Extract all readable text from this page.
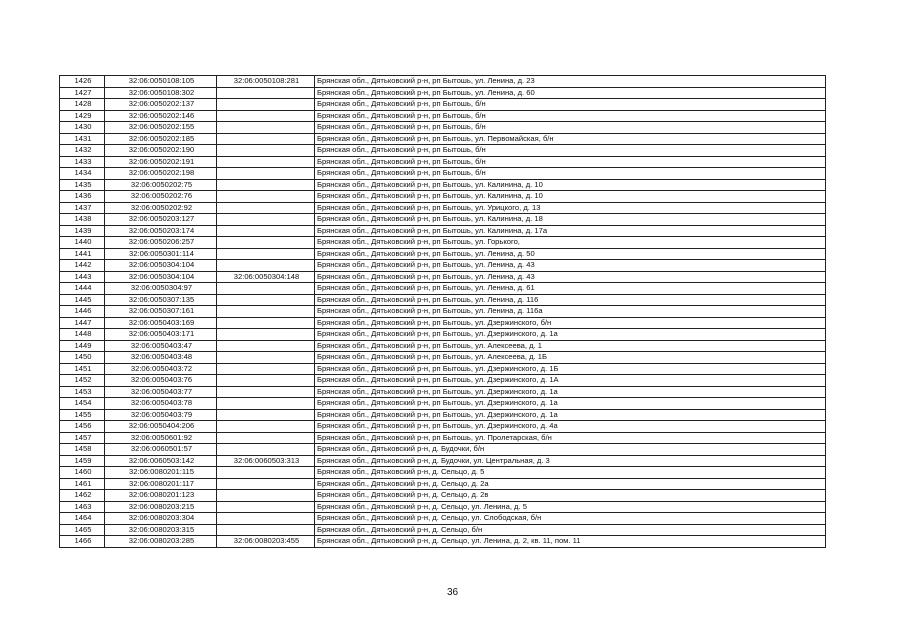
1426	32:06:0050108:105	32:06:0050108:281	Брянская обл., Дятьковский р-н, рп Бытошь, ул. Ленина, д. 23
1427	32:06:0050108:302		Брянская обл., Дятьковский р-н, рп Бытошь, ул. Ленина, д. 60
1428	32:06:0050202:137		Брянская обл., Дятьковский р-н, рп Бытошь, б/н
1429	32:06:0050202:146		Брянская обл., Дятьковский р-н, рп Бытошь, б/н
1430	32:06:0050202:155		Брянская обл., Дятьковский р-н, рп Бытошь, б/н
1431	32:06:0050202:185		Брянская обл., Дятьковский р-н, рп Бытошь, ул. Первомайская, б/н
1432	32:06:0050202:190		Брянская обл., Дятьковский р-н, рп Бытошь, б/н
1433	32:06:0050202:191		Брянская обл., Дятьковский р-н, рп Бытошь, б/н
1434	32:06:0050202:198		Брянская обл., Дятьковский р-н, рп Бытошь, б/н
1435	32:06:0050202:75		Брянская обл., Дятьковский р-н, рп Бытошь, ул. Калинина, д. 10
1436	32:06:0050202:76		Брянская обл., Дятьковский р-н, рп Бытошь, ул. Калинина, д. 10
1437	32:06:0050202:92		Брянская обл., Дятьковский р-н, рп Бытошь, ул. Урицкого, д. 13
1438	32:06:0050203:127		Брянская обл., Дятьковский р-н, рп Бытошь, ул. Калинина, д. 18
1439	32:06:0050203:174		Брянская обл., Дятьковский р-н, рп Бытошь, ул. Калинина, д. 17а
1440	32:06:0050206:257		Брянская обл., Дятьковский р-н, рп Бытошь, ул. Горького,
1441	32:06:0050301:114		Брянская обл., Дятьковский р-н, рп Бытошь, ул. Ленина, д. 50
1442	32:06:0050304:104		Брянская обл., Дятьковский р-н, рп Бытошь, ул. Ленина, д. 43
1443	32:06:0050304:104	32:06:0050304:148	Брянская обл., Дятьковский р-н, рп Бытошь, ул. Ленина, д. 43
1444	32:06:0050304:97		Брянская обл., Дятьковский р-н, рп Бытошь, ул. Ленина, д. 61
1445	32:06:0050307:135		Брянская обл., Дятьковский р-н, рп Бытошь, ул. Ленина, д. 116
1446	32:06:0050307:161		Брянская обл., Дятьковский р-н, рп Бытошь, ул. Ленина, д. 116а
1447	32:06:0050403:169		Брянская обл., Дятьковский р-н, рп Бытошь, ул. Дзержинского, б/н
1448	32:06:0050403:171		Брянская обл., Дятьковский р-н, рп Бытошь, ул. Дзержинского, д. 1а
1449	32:06:0050403:47		Брянская обл., Дятьковский р-н, рп Бытошь, ул. Алексеева, д. 1
1450	32:06:0050403:48		Брянская обл., Дятьковский р-н, рп Бытошь, ул. Алексеева, д. 1Б
1451	32:06:0050403:72		Брянская обл., Дятьковский р-н, рп Бытошь, ул. Дзержинского, д. 1Б
1452	32:06:0050403:76		Брянская обл., Дятьковский р-н, рп Бытошь, ул. Дзержинского, д. 1А
1453	32:06:0050403:77		Брянская обл., Дятьковский р-н, рп Бытошь, ул. Дзержинского, д. 1а
1454	32:06:0050403:78		Брянская обл., Дятьковский р-н, рп Бытошь, ул. Дзержинского, д. 1а
1455	32:06:0050403:79		Брянская обл., Дятьковский р-н, рп Бытошь, ул. Дзержинского, д. 1а
1456	32:06:0050404:206		Брянская обл., Дятьковский р-н, рп Бытошь, ул. Дзержинского, д. 4а
1457	32:06:0050601:92		Брянская обл., Дятьковский р-н, рп Бытошь, ул. Пролетарская, б/н
1458	32:06:0060501:57		Брянская обл., Дятьковский р-н, д. Будочки, б/н
1459	32:06:0060503:142	32:06:0060503:313	Брянская обл., Дятьковский р-н, д. Будочки, ул. Центральная, д. 3
1460	32:06:0080201:115		Брянская обл., Дятьковский р-н, д. Сельцо, д. 5
1461	32:06:0080201:117		Брянская обл., Дятьковский р-н, д. Сельцо, д. 2а
1462	32:06:0080201:123		Брянская обл., Дятьковский р-н, д. Сельцо, д. 2в
1463	32:06:0080203:215		Брянская обл., Дятьковский р-н, д. Сельцо, ул. Ленина, д. 5
1464	32:06:0080203:304		Брянская обл., Дятьковский р-н, д. Сельцо, ул. Слободская, б/н
1465	32:06:0080203:315		Брянская обл., Дятьковский р-н, д. Сельцо, б/н
1466	32:06:0080203:285	32:06:0080203:455	Брянская обл., Дятьковский р-н, д. Сельцо, ул. Ленина, д. 2, кв. 11, пом. 11
36
